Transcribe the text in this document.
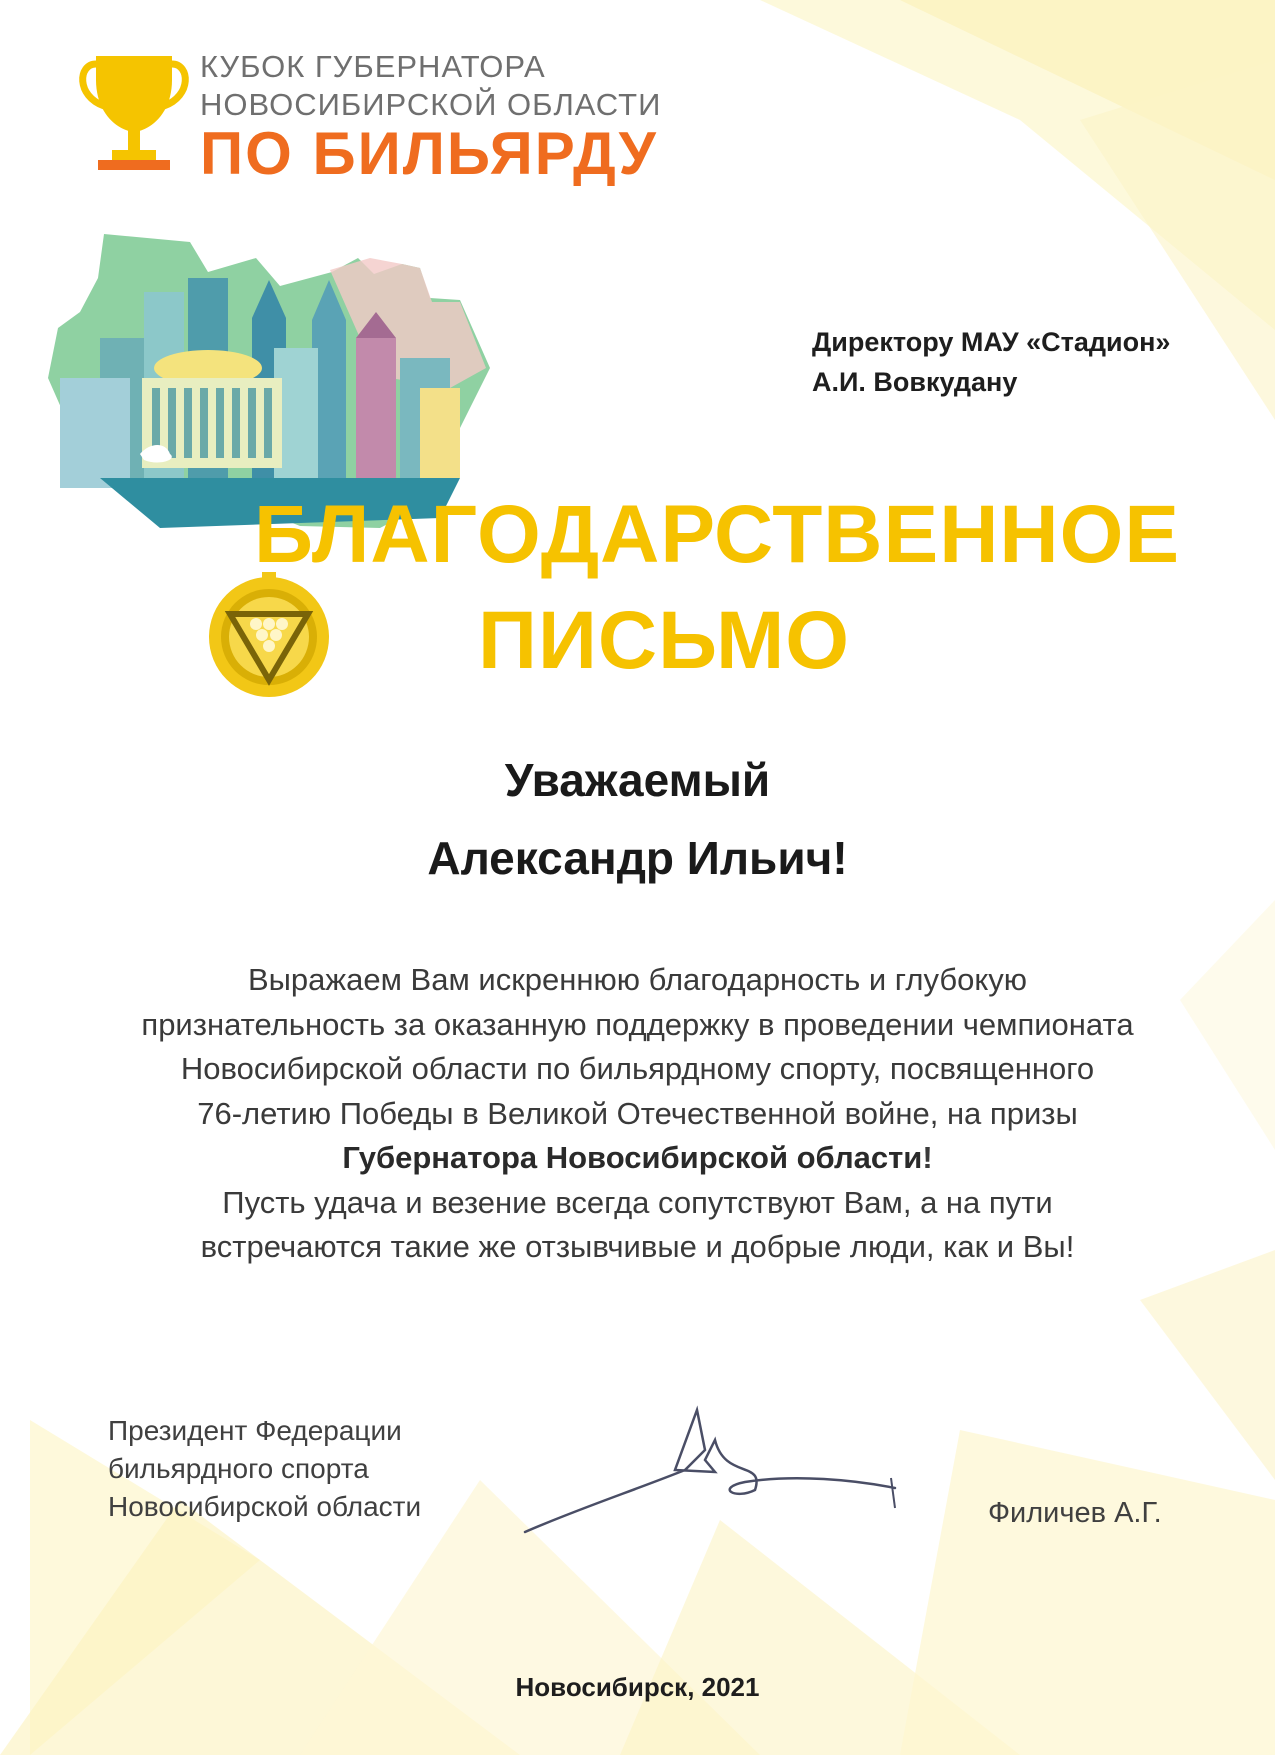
КУБОК ГУБЕРНАТОРА
НОВОСИБИРСКОЙ ОБЛАСТИ
ПО БИЛЬЯРДУ
Директору МАУ «Стадион»
А.И. Вовкудану
БЛАГОДАРСТВЕННОЕ
ПИСЬМО
Уважаемый
Александр Ильич!
Выражаем Вам искреннюю благодарность и глубокую
признательность за оказанную поддержку в проведении чемпионата
Новосибирской области по бильярдному спорту, посвященного
76-летию Победы в Великой Отечественной войне, на призы
Губернатора Новосибирской области!
Пусть удача и везение всегда сопутствуют Вам, а на пути
встречаются такие же отзывчивые и добрые люди, как и Вы!
Президент Федерации
бильярдного спорта
Новосибирской области	Филичев А.Г.
Новосибирск, 2021
